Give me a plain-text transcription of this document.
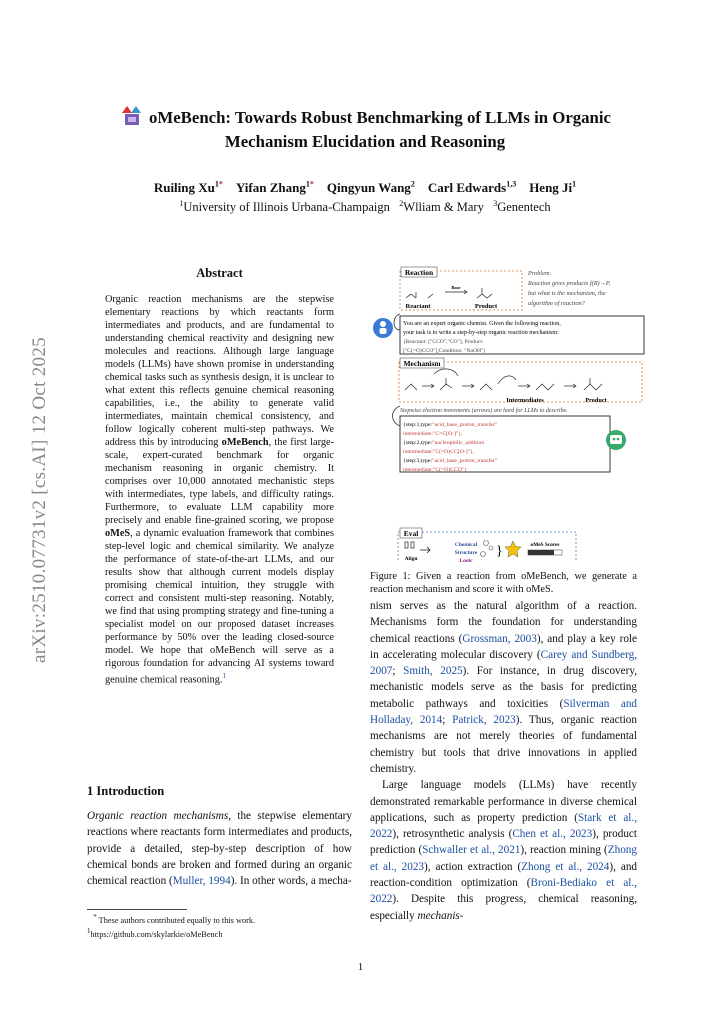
arXiv:2510.07731v2 [cs.AI] 12 Oct 2025
oMeBench: Towards Robust Benchmarking of LLMs in Organic
Mechanism Elucidation and Reasoning
Ruiling $Xu^{1*}$ Yifan Zhang$^{1*}$ Qingyun Wang$^2$ Carl Edwards$^{1,3}$ Heng Ji$^1$
$^1$University of Illinois Urbana-Champaign $^2$Wlliam & Mary $^3$Genentech
Abstract
Organic reaction mechanisms are the stepwise elementary reactions by which reactants form intermediates and products, and are fundamental to understanding chemical reactivity and designing new molecules and reactions. Although large language models (LLMs) have shown promise in understanding chemical tasks such as synthesis design, it is unclear to what extent this reflects genuine chemical reasoning capabilities, i.e., the ability to generate valid intermediates, maintain chemical consistency, and follow logically coherent multi-step pathways. We address this by introducing oMeBench, the first large-scale, expert-curated benchmark for organic mechanism reasoning in organic chemistry. It comprises over 10,000 annotated mechanistic steps with intermediates, type labels, and difficulty ratings. Furthermore, to evaluate LLM capability more precisely and enable fine-grained scoring, we propose oMeS, a dynamic evaluation framework that combines step-level logic and chemical similarity. We analyze the performance of state-of-the-art LLMs, and our results show that although current models display promising chemical intuition, they struggle with correct and consistent multi-step reasoning. Notably, we find that using prompting strategy and fine-tuning a specialist model on our proposed dataset increases performance by 50% over the leading closed-source model. We hope that oMeBench will serve as a rigorous foundation for advancing AI systems toward genuine chemical reasoning.$^1$
1 Introduction
Organic reaction mechanisms, the stepwise elementary reactions where reactants form intermediates and products, provide a detailed, step-by-step description of how chemical bonds are broken and formed during an organic chemical reaction (Muller, 1994). In other words, a mecha-
* These authors contributed equally to this work.
$^1$https://github.com/skylarkie/oMeBench
Reaction
Base
Reactant	Product
Problem:
Reaction gives products f(R)→P,
but what is the mechanism, the
algorithm of reaction?
You are an expert organic chemist. Given the following reaction,
your task is to write a step-by-step organic reaction mechanism:
{Reactant: ["CCO","CO"], Product:
["C(=O)CCO"],Condition: "NaOH"}
Mechanism
Intermediates	Product
Stepwise electron movements (arrows) are hard for LLMs to describe.
{step:1,type:"acid_base_proton_transfer"
intermediate:"C=C[O-]"},
{step:2,type:"nucleophilic_addition
intermediate:"C(=O)CC[O-]"},
{step:3,type:"acid_base_proton_transfer"
intermediate:"C(=O)CCO"}
Eval
Align
Chemical
Structure
Logic
}	oMeS Scores
Figure 1: Given a reaction from oMeBench, we generate a reaction mechanism and score it with oMeS.

nism serves as the natural algorithm of a reaction. Mechanisms form the foundation for understanding chemical reactions (Grossman, 2003), and play a key role in accelerating molecular discovery (Carey and Sundberg, 2007; Smith, 2025). For instance, in drug discovery, mechanistic models serve as the basis for predicting metabolic pathways and toxicities (Silverman and Holladay, 2014; Patrick, 2023). Thus, organic reaction mechanisms are not merely theories of fundamental chemistry but tools that drive innovations in applied chemistry.

Large language models (LLMs) have recently demonstrated remarkable performance in diverse chemical applications, such as property prediction (Stark et al., 2022), retrosynthetic analysis (Chen et al., 2023), product prediction (Schwaller et al., 2021), reaction mining (Zhong et al., 2023), action extraction (Zhong et al., 2024), and reaction-condition optimization (Broni-Bediako et al., 2022). Despite this progress, chemical reasoning, especially mechanis-

1
